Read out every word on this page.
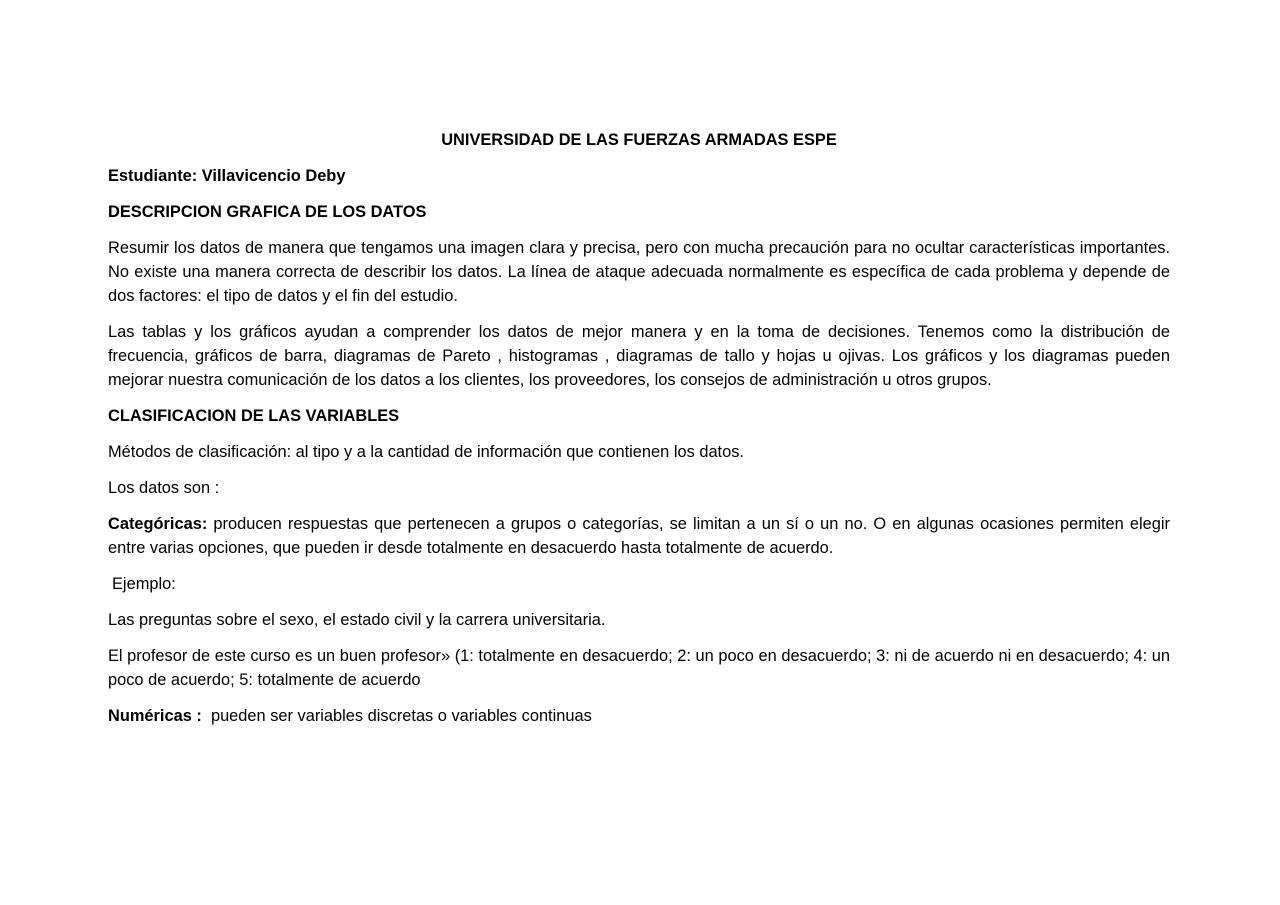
UNIVERSIDAD DE LAS FUERZAS ARMADAS ESPE

Estudiante: Villavicencio Deby

DESCRIPCION GRAFICA DE LOS DATOS

Resumir los datos de manera que tengamos una imagen clara y precisa, pero con mucha precaución para no ocultar características importantes. No existe una manera correcta de describir los datos. La línea de ataque adecuada normalmente es específica de cada problema y depende de dos factores: el tipo de datos y el fin del estudio.

Las tablas y los gráficos ayudan a comprender los datos de mejor manera y en la toma de decisiones. Tenemos como la distribución de frecuencia, gráficos de barra, diagramas de Pareto , histogramas , diagramas de tallo y hojas u ojivas. Los gráficos y los diagramas pueden mejorar nuestra comunicación de los datos a los clientes, los proveedores, los consejos de administración u otros grupos.

CLASIFICACION DE LAS VARIABLES

Métodos de clasificación: al tipo y a la cantidad de información que contienen los datos.

Los datos son :

Categóricas: producen respuestas que pertenecen a grupos o categorías, se limitan a un sí o un no. O en algunas ocasiones permiten elegir entre varias opciones, que pueden ir desde totalmente en desacuerdo hasta totalmente de acuerdo.

Ejemplo:

Las preguntas sobre el sexo, el estado civil y la carrera universitaria.

El profesor de este curso es un buen profesor» (1: totalmente en desacuerdo; 2: un poco en desacuerdo; 3: ni de acuerdo ni en desacuerdo; 4: un poco de acuerdo; 5: totalmente de acuerdo

Numéricas :  pueden ser variables discretas o variables continuas
